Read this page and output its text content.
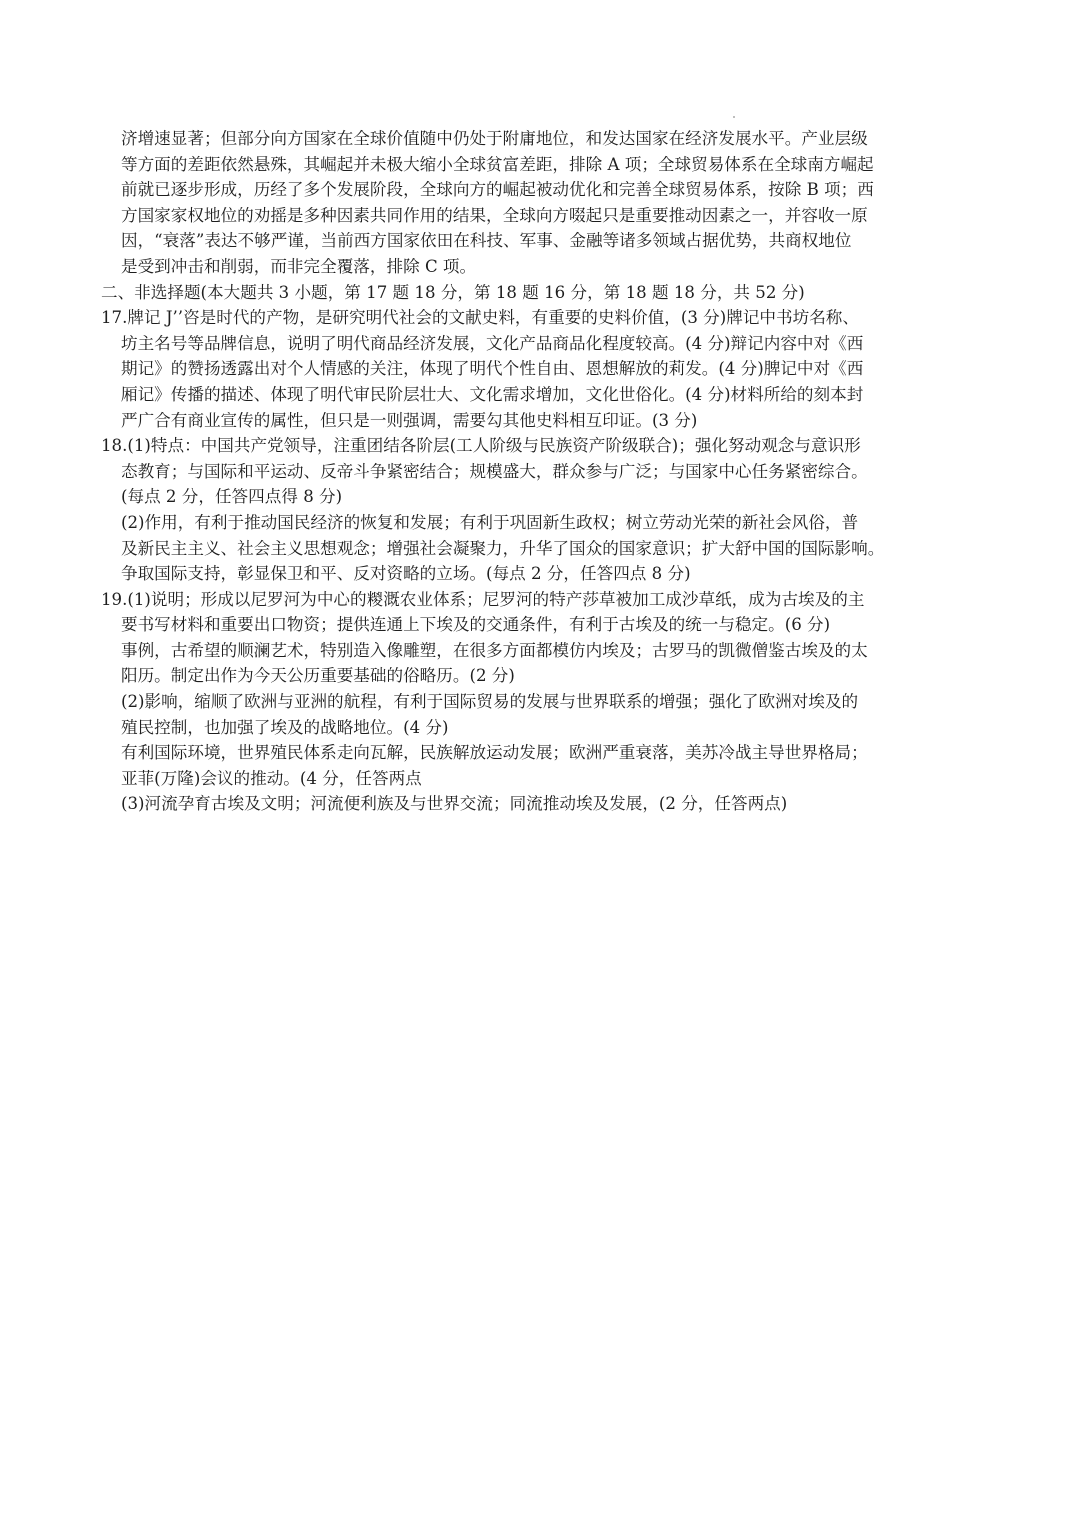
济增速显著；但部分向方国家在全球价值随中仍处于附庸地位，和发达国家在经济发展水平。产业层级
等方面的差距依然悬殊，其崛起并未极大缩小全球贫富差距，排除 A 项；全球贸易体系在全球南方崛起
前就已逐步形成，历经了多个发展阶段，全球向方的崛起被动优化和完善全球贸易体系，按除 B 项；西
方国家家权地位的劝摇是多种因素共同作用的结果，全球向方啜起只是重要推动因素之一，并容收一原
因，“衰落”表达不够严谨，当前西方国家依田在科技、军事、金融等诸多领域占据优势，共商权地位
是受到冲击和削弱，而非完全覆落，排除 C 项。
二、非选择题(本大题共 3 小题，第 17 题 18 分，第 18 题 16 分，第 18 题 18 分，共 52 分)
17.牌记 J’’咨是时代的产物，是研究明代社会的文献史料，有重要的史料价值，(3 分)牌记中书坊名称、
坊主名号等品牌信息，说明了明代商品经济发展，文化产品商品化程度较高。(4 分)辩记内容中对《西
期记》的赞扬透露出对个人情感的关注，体现了明代个性自由、恩想解放的莉发。(4 分)脾记中对《西
厢记》传播的描述、体现了明代审民阶层壮大、文化需求增加，文化世俗化。(4 分)材料所给的刻本封
严广合有商业宣传的属性，但只是一则强调，需要勾其他史料相互印证。(3 分)
18.(1)特点：中国共产党领导，注重团结各阶层(工人阶级与民族资产阶级联合)；强化努动观念与意识形
态教育；与国际和平运动、反帝斗争紧密结合；规模盛大，群众参与广泛；与国家中心任务紧密综合。
(每点 2 分，任答四点得 8 分)
(2)作用，有利于推动国民经济的恢复和发展；有利于巩固新生政权；树立劳动光荣的新社会风俗，普
及新民主主义、社会主义思想观念；增强社会凝聚力，升华了国众的国家意识；扩大舒中国的国际影响。
争取国际支持，彰显保卫和平、反对资略的立场。(每点 2 分，任答四点 8 分)
19.(1)说明；形成以尼罗河为中心的糉溉农业体系；尼罗河的特产莎草被加工成沙草纸，成为古埃及的主
要书写材料和重要出口物资；提供连通上下埃及的交通条件，有利于古埃及的统一与稳定。(6 分)
事例，古希望的顺澜艺术，特别造入像雕塑，在很多方面都模仿内埃及；古罗马的凯微僧鉴古埃及的太
阳历。制定出作为今天公历重要基础的俗略历。(2 分)
(2)影响，缩顺了欧洲与亚洲的航程，有利于国际贸易的发展与世界联系的增强；强化了欧洲对埃及的
殖民控制，也加强了埃及的战略地位。(4 分)
有利国际环境，世界殖民体系走向瓦解，民族解放运动发展；欧洲严重衰落，美苏冷战主导世界格局；
亚菲(万隆)会议的推动。(4 分，任答两点
(3)河流孕育古埃及文明；河流便利族及与世界交流；同流推动埃及发展，(2 分，任答两点)
